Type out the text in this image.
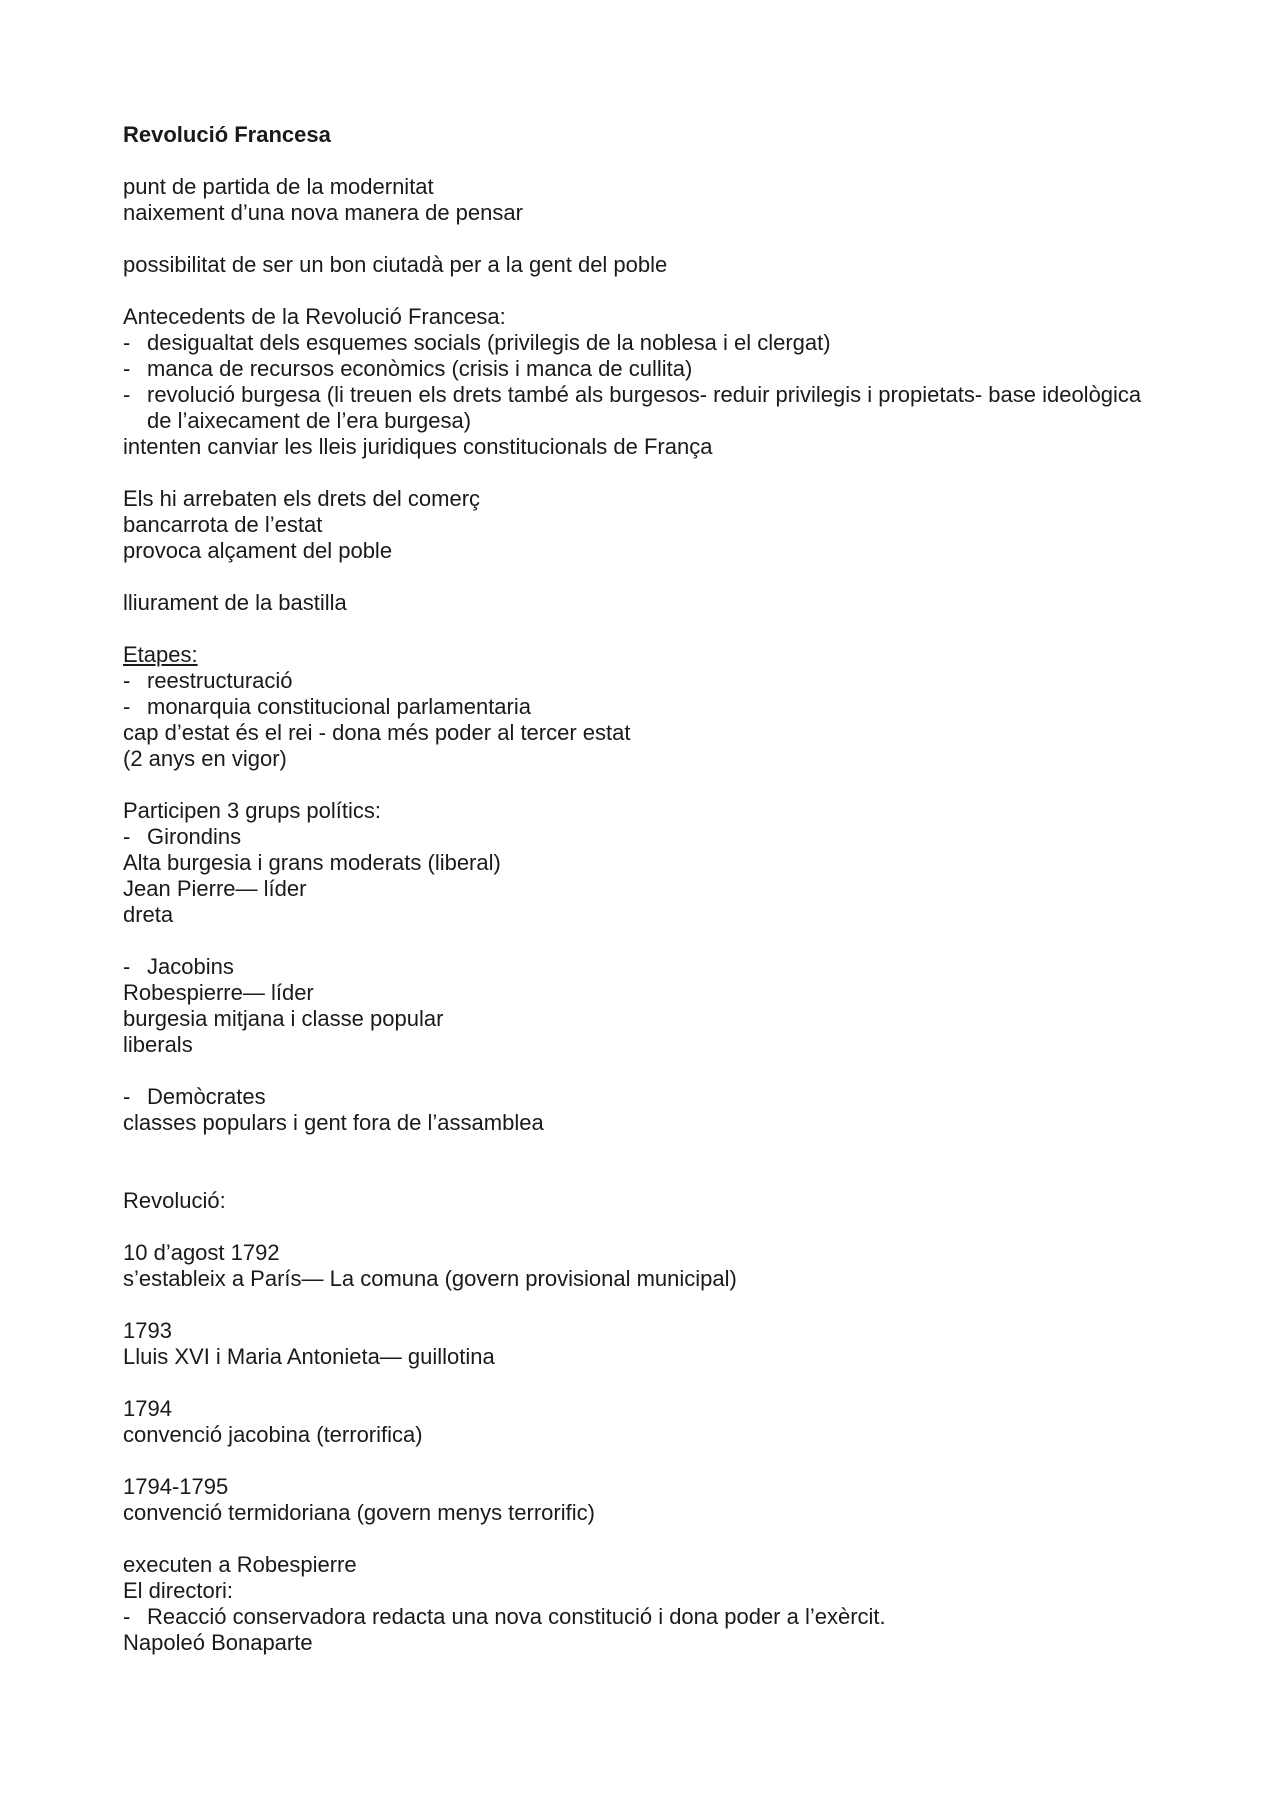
Revolució Francesa
punt de partida de la modernitat
naixement d’una nova manera de pensar
possibilitat de ser un bon ciutadà per a la gent del poble
Antecedents de la Revolució Francesa:
- desigualtat dels esquemes socials (privilegis de la noblesa i el clergat)
- manca de recursos econòmics (crisis i manca de cullita)
- revolució burgesa (li treuen els drets també als burgesos- reduir privilegis i propietats- base ideològica de l’aixecament de l’era burgesa)
intenten canviar les lleis juridiques constitucionals de França
Els hi arrebaten els drets del comerç
bancarrota de l’estat
provoca alçament del poble
lliurament de la bastilla
Etapes:
- reestructuració
- monarquia constitucional parlamentaria
cap d’estat és el rei - dona més poder al tercer estat
(2 anys en vigor)
Participen 3 grups polítics:
- Girondins
Alta burgesia i grans moderats (liberal)
Jean Pierre— líder
dreta
- Jacobins
Robespierre— líder
burgesia mitjana i classe popular
liberals
- Demòcrates
classes populars i gent fora de l’assamblea
Revolució:
10 d’agost 1792
s’estableix a París— La comuna (govern provisional municipal)
1793
Lluis XVI i Maria Antonieta— guillotina
1794
convenció jacobina (terrorifica)
1794-1795
convenció termidoriana (govern menys terrorific)
executen a Robespierre
El directori:
- Reacció conservadora redacta una nova constitució i dona poder a l’exèrcit.
Napoleó Bonaparte
